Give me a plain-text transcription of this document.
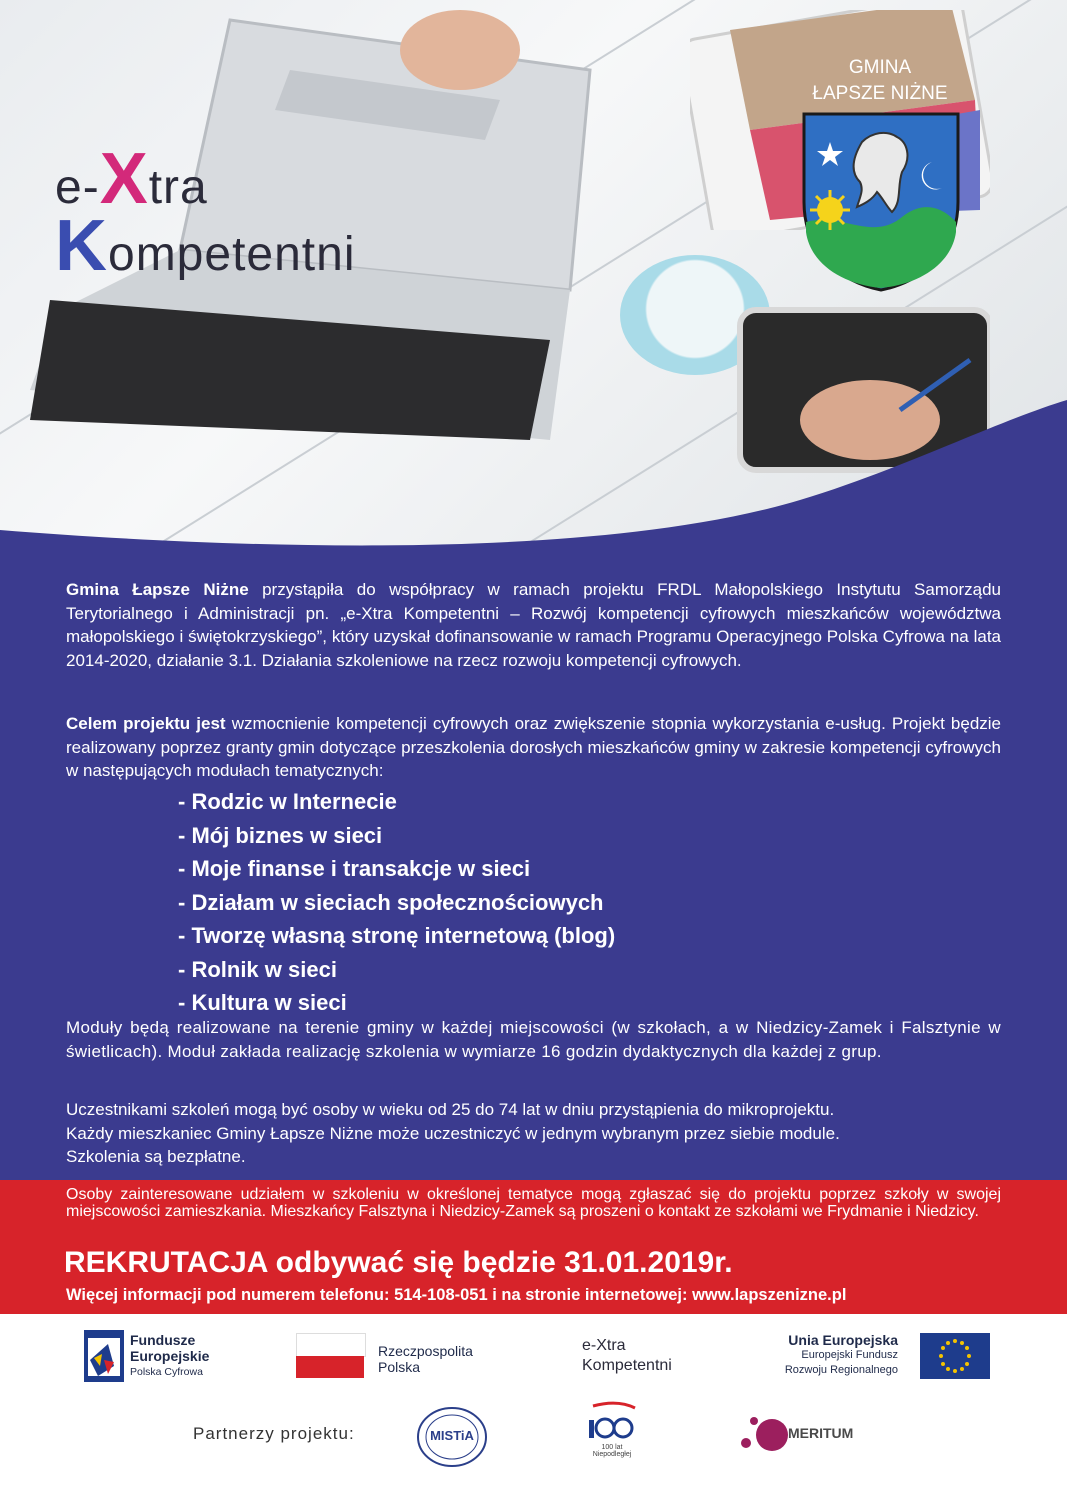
e-Xtra
Kompetentni
GMINA
ŁAPSZE NIŻNE
Gmina Łapsze Niżne przystąpiła do współpracy w ramach projektu FRDL Małopolskiego Instytutu Samorządu Terytorialnego i Administracji pn. „e-Xtra Kompetentni – Rozwój kompetencji cyfrowych mieszkańców województwa małopolskiego i świętokrzyskiego”, który uzyskał dofinansowanie w ramach Programu Operacyjnego Polska Cyfrowa na lata 2014-2020, działanie 3.1. Działania szkoleniowe na rzecz rozwoju kompetencji cyfrowych.
Celem projektu jest wzmocnienie kompetencji cyfrowych oraz zwiększenie stopnia wykorzystania e-usług. Projekt będzie realizowany poprzez granty gmin dotyczące przeszkolenia dorosłych mieszkańców gminy w zakresie kompetencji cyfrowych w następujących modułach tematycznych:
- Rodzic w Internecie
- Mój biznes w sieci
- Moje finanse i transakcje w sieci
- Działam w sieciach społecznościowych
- Tworzę własną stronę internetową (blog)
- Rolnik w sieci
- Kultura w sieci
Moduły będą realizowane na terenie gminy w każdej miejscowości (w szkołach, a w Niedzicy-Zamek i Falsztynie w świetlicach). Moduł zakłada realizację szkolenia w wymiarze 16 godzin dydaktycznych dla każdej z grup.
Uczestnikami szkoleń mogą być osoby w wieku od 25 do 74 lat w dniu przystąpienia do mikroprojektu.
Każdy mieszkaniec Gminy Łapsze Niżne może uczestniczyć w jednym wybranym przez siebie module.
Szkolenia są bezpłatne.
Osoby zainteresowane udziałem w szkoleniu w określonej tematyce mogą zgłaszać się do projektu poprzez szkoły w swojej miejscowości zamieszkania. Mieszkańcy Falsztyna i Niedzicy-Zamek są proszeni o kontakt ze szkołami we Frydmanie i Niedzicy.
REKRUTACJA odbywać się będzie 31.01.2019r.
Więcej informacji pod numerem telefonu: 514-108-051 i na stronie internetowej: www.lapszenizne.pl
Fundusze
Europejskie
Polska Cyfrowa
Rzeczpospolita
Polska
e-Xtra
Kompetentni
Unia Europejska
Europejski Fundusz
Rozwoju Regionalnego
Partnerzy projektu:	MISTiA
100 lat Niepodległej
MERITUM
